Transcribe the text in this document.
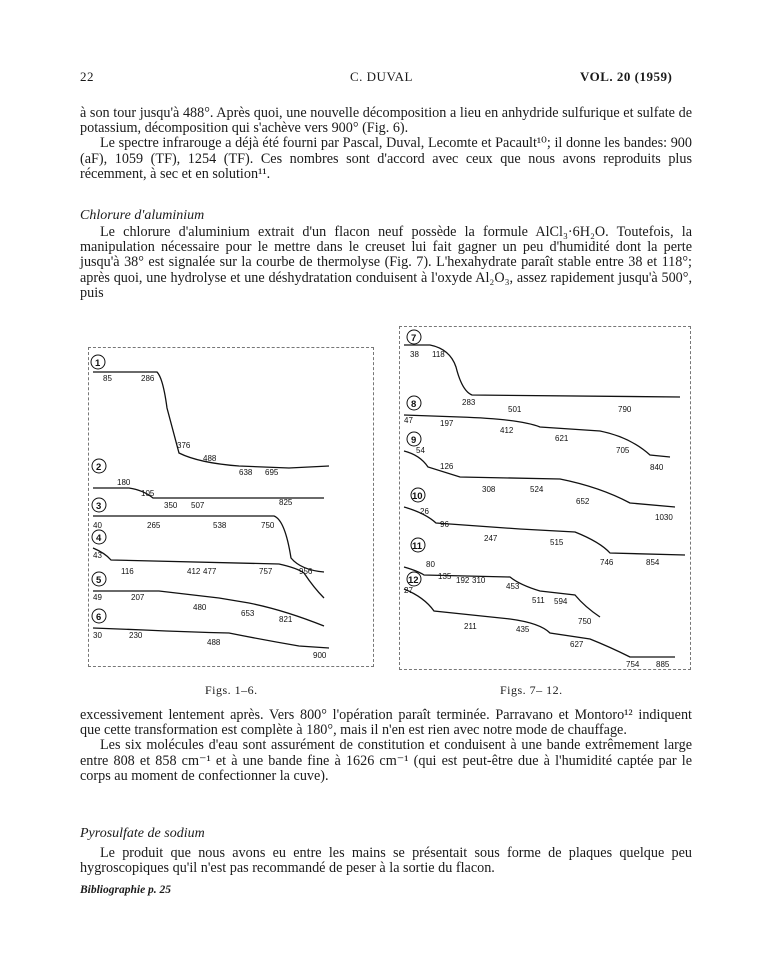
22	C. DUVAL	VOL. 20 (1959)

à son tour jusqu'à 488°. Après quoi, une nouvelle décomposition a lieu en anhydride sulfurique et sulfate de potassium, décomposition qui s'achève vers 900° (Fig. 6).

Le spectre infrarouge a déjà été fourni par Pascal, Duval, Lecomte et Pacault¹⁰; il donne les bandes: 900 (aF), 1059 (TF), 1254 (TF). Ces nombres sont d'accord avec ceux que nous avons reproduits plus récemment, à sec et en solution¹¹.

Chlorure d'aluminium

Le chlorure d'aluminium extrait d'un flacon neuf possède la formule AlCl₃·6H₂O. Toutefois, la manipulation nécessaire pour le mettre dans le creuset lui fait gagner un peu d'humidité dont la perte jusqu'à 38° est signalée sur la courbe de thermolyse (Fig. 7). L'hexahydrate paraît stable entre 38 et 118°; après quoi, une hydrolyse et une déshydratation conduisent à l'oxyde Al₂O₃, assez rapidement jusqu'à 500°, puis

1
85	286
376
488
638 695
2
180
105
350 507	825
3
40	265	538	750
4
43
116	412 477	757	956
5
49	207
480
653
821
6
30	230
488
900
Figs. 1–6.
7
38 118
283
501	790
8
47	197
412
621
705
840
9
54
126
308	524
652
1030
10
26
96
247	515
746	854
11
80
135 192 310
453
511 594
750
12
27
211	435
627
754 885
Figs. 7– 12.

excessivement lentement après. Vers 800° l'opération paraît terminée. Parravano et Montoro¹² indiquent que cette transformation est complète à 180°, mais il n'en est rien avec notre mode de chauffage.

Les six molécules d'eau sont assurément de constitution et conduisent à une bande extrêmement large entre 808 et 858 cm⁻¹ et à une bande fine à 1626 cm⁻¹ (qui est peut-être due à l'humidité captée par le corps au moment de confectionner la cuve).

Pyrosulfate de sodium

Le produit que nous avons eu entre les mains se présentait sous forme de plaques quelque peu hygroscopiques qu'il n'est pas recommandé de peser à la sortie du flacon.

Bibliographie p. 25
